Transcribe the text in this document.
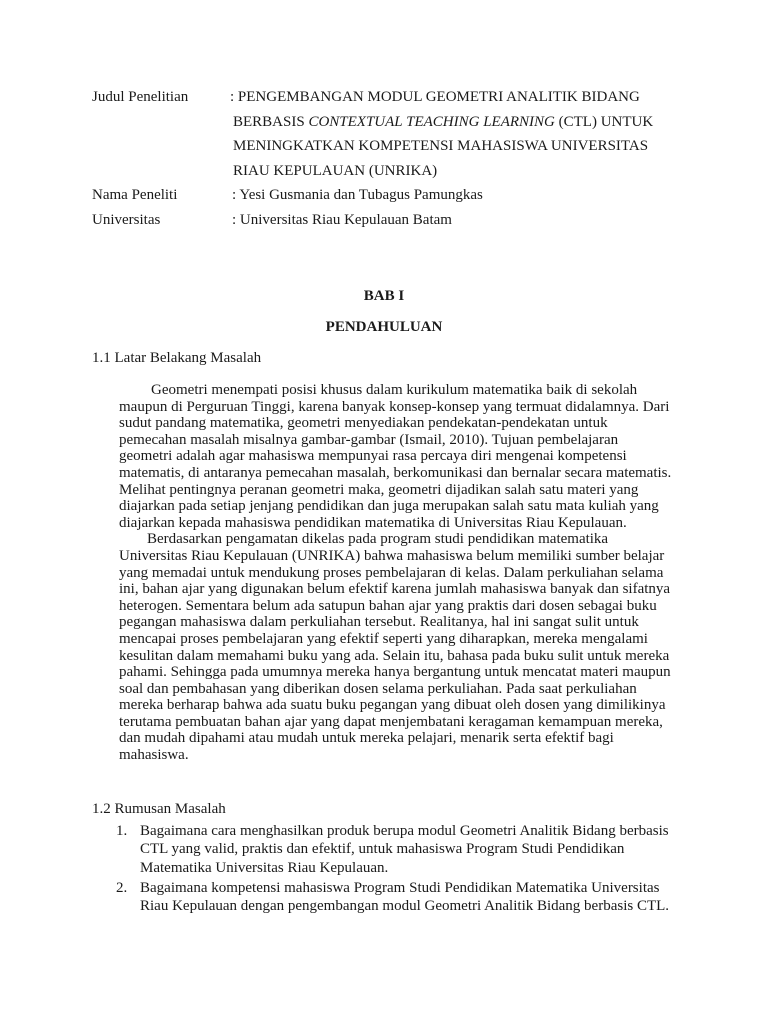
Judul Penelitian	: PENGEMBANGAN MODUL GEOMETRI ANALITIK BIDANG
BERBASIS CONTEXTUAL TEACHING LEARNING (CTL) UNTUK
MENINGKATKAN KOMPETENSI MAHASISWA UNIVERSITAS
RIAU KEPULAUAN (UNRIKA)
Nama Peneliti	: Yesi Gusmania dan Tubagus Pamungkas
Universitas	: Universitas Riau Kepulauan Batam
BAB I
PENDAHULUAN
1.1 Latar Belakang Masalah

Geometri menempati posisi khusus dalam kurikulum matematika baik di sekolah maupun di Perguruan Tinggi, karena banyak konsep-konsep yang termuat didalamnya. Dari sudut pandang matematika, geometri menyediakan pendekatan-pendekatan untuk pemecahan masalah misalnya gambar-gambar (Ismail, 2010). Tujuan pembelajaran geometri adalah agar mahasiswa mempunyai rasa percaya diri mengenai kompetensi matematis, di antaranya pemecahan masalah, berkomunikasi dan bernalar secara matematis. Melihat pentingnya peranan geometri maka, geometri dijadikan salah satu materi yang diajarkan pada setiap jenjang pendidikan dan juga merupakan salah satu mata kuliah yang diajarkan kepada mahasiswa pendidikan matematika di Universitas Riau Kepulauan.

Berdasarkan pengamatan dikelas pada program studi pendidikan matematika Universitas Riau Kepulauan (UNRIKA) bahwa mahasiswa belum memiliki sumber belajar yang memadai untuk mendukung proses pembelajaran di kelas. Dalam perkuliahan selama ini, bahan ajar yang digunakan belum efektif karena jumlah mahasiswa banyak dan sifatnya heterogen. Sementara belum ada satupun bahan ajar yang praktis dari dosen sebagai buku pegangan mahasiswa dalam perkuliahan tersebut. Realitanya, hal ini sangat sulit untuk mencapai proses pembelajaran yang efektif seperti yang diharapkan, mereka mengalami kesulitan dalam memahami buku yang ada. Selain itu, bahasa pada buku sulit untuk mereka pahami. Sehingga pada umumnya mereka hanya bergantung untuk mencatat materi maupun soal dan pembahasan yang diberikan dosen selama perkuliahan. Pada saat perkuliahan mereka berharap bahwa ada suatu buku pegangan yang dibuat oleh dosen yang dimilikinya terutama pembuatan bahan ajar yang dapat menjembatani keragaman kemampuan mereka, dan mudah dipahami atau mudah untuk mereka pelajari, menarik serta efektif bagi mahasiswa.

1.2 Rumusan Masalah
1. Bagaimana cara menghasilkan produk berupa modul Geometri Analitik Bidang berbasis CTL yang valid, praktis dan efektif, untuk mahasiswa Program Studi Pendidikan Matematika Universitas Riau Kepulauan.
2. Bagaimana kompetensi mahasiswa Program Studi Pendidikan Matematika Universitas Riau Kepulauan dengan pengembangan modul Geometri Analitik Bidang berbasis CTL.
